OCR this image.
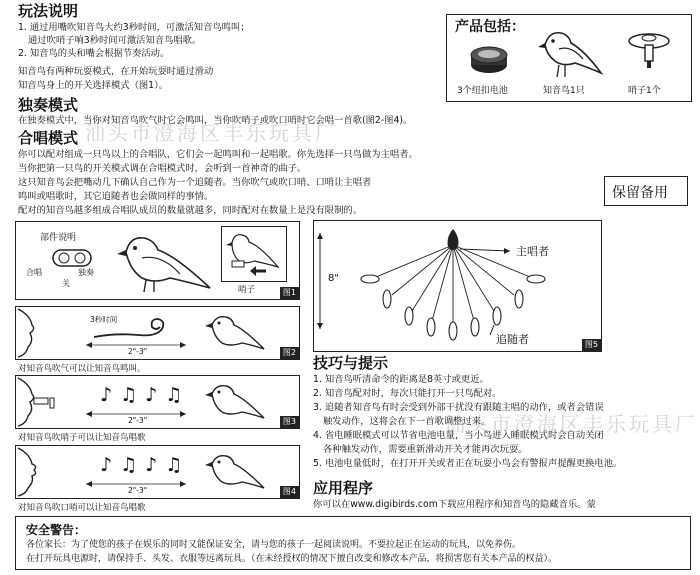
汕头市澄海区丰乐玩具厂
汕头市澄海区丰乐玩具厂
玩法说明
1. 通过用嘴吹知音鸟大约3秒时间，可激活知音鸟鸣叫；
通过吹哨子响3秒时间可激活知音鸟唱歌。
2. 知音鸟的头和嘴会根据节奏活动。
知音鸟有两种玩耍模式，在开始玩耍时通过滑动
知音鸟身上的开关选择模式（图1）。
独奏模式
在独奏模式中，当你对知音鸟吹气时它会鸣叫，当你吹哨子或吹口哨时它会唱一首歌(图2-图4)。
合唱模式
你可以配对组成一只鸟以上的合唱队，它们会一起鸣叫和一起唱歌。你先选择一只鸟做为主唱者。
当你把第一只鸟的开关模式调在合唱模式时，会听到一首神奇的曲子。
这只知音鸟会把嘴动几下确认自己作为一个追随者。当你吹气或吹口哨、口哨让主唱者
鸣叫或唱歌时，其它追随者也会做同样的事情。
配对的知音鸟越多组成合唱队成员的数量就越多，同时配对在数量上是没有限制的。
产品包括：
3个纽扣电池	知音鸟1只	哨子1个
保留备用
部件说明
合唱
关
独奏
哨子	图1
3秒时间
2"-3"	图2
对知音鸟吹气可以让知音鸟鸣叫。
♪♫♪♫
2"-3"	图3
对知音鸟吹哨子可以让知音鸟唱歌
♪♫♪♫
2"-3"	图4
对知音鸟吹口哨可以让知音鸟唱歌
8"
主唱者
追随者	图5
技巧与提示
1. 知音鸟听清命令的距离是8英寸或更近。
2. 知音鸟配对时，每次只能打开一只鸟配对。
3. 追随者知音鸟有时会受到外部干扰没有跟随主唱的动作，或者会错误
触发动作，这将会在下一首歌调整过来。
4. 省电睡眠模式可以节省电池电量，当小鸟进入睡眠模式时会自动关闭
各种触发动作，需要重新滑动开关才能再次玩耍。
5. 电池电量低时，在打开开关或者正在玩耍小鸟会有警报声提醒更换电池。
应用程序
你可以在www.digibirds.com下载应用程序和知音鸟的隐藏音乐。蒙
安全警告：
各位家长：为了使您的孩子在娱乐的同时又能保证安全，请与您的孩子一起阅读说明。不要拉起正在运动的玩具，以免养伤。
在打开玩具电源时，请保持手、头发、衣服等远离玩具。（在未经授权的情况下擅自改变和修改本产品，将损害您有关本产品的权益）。
